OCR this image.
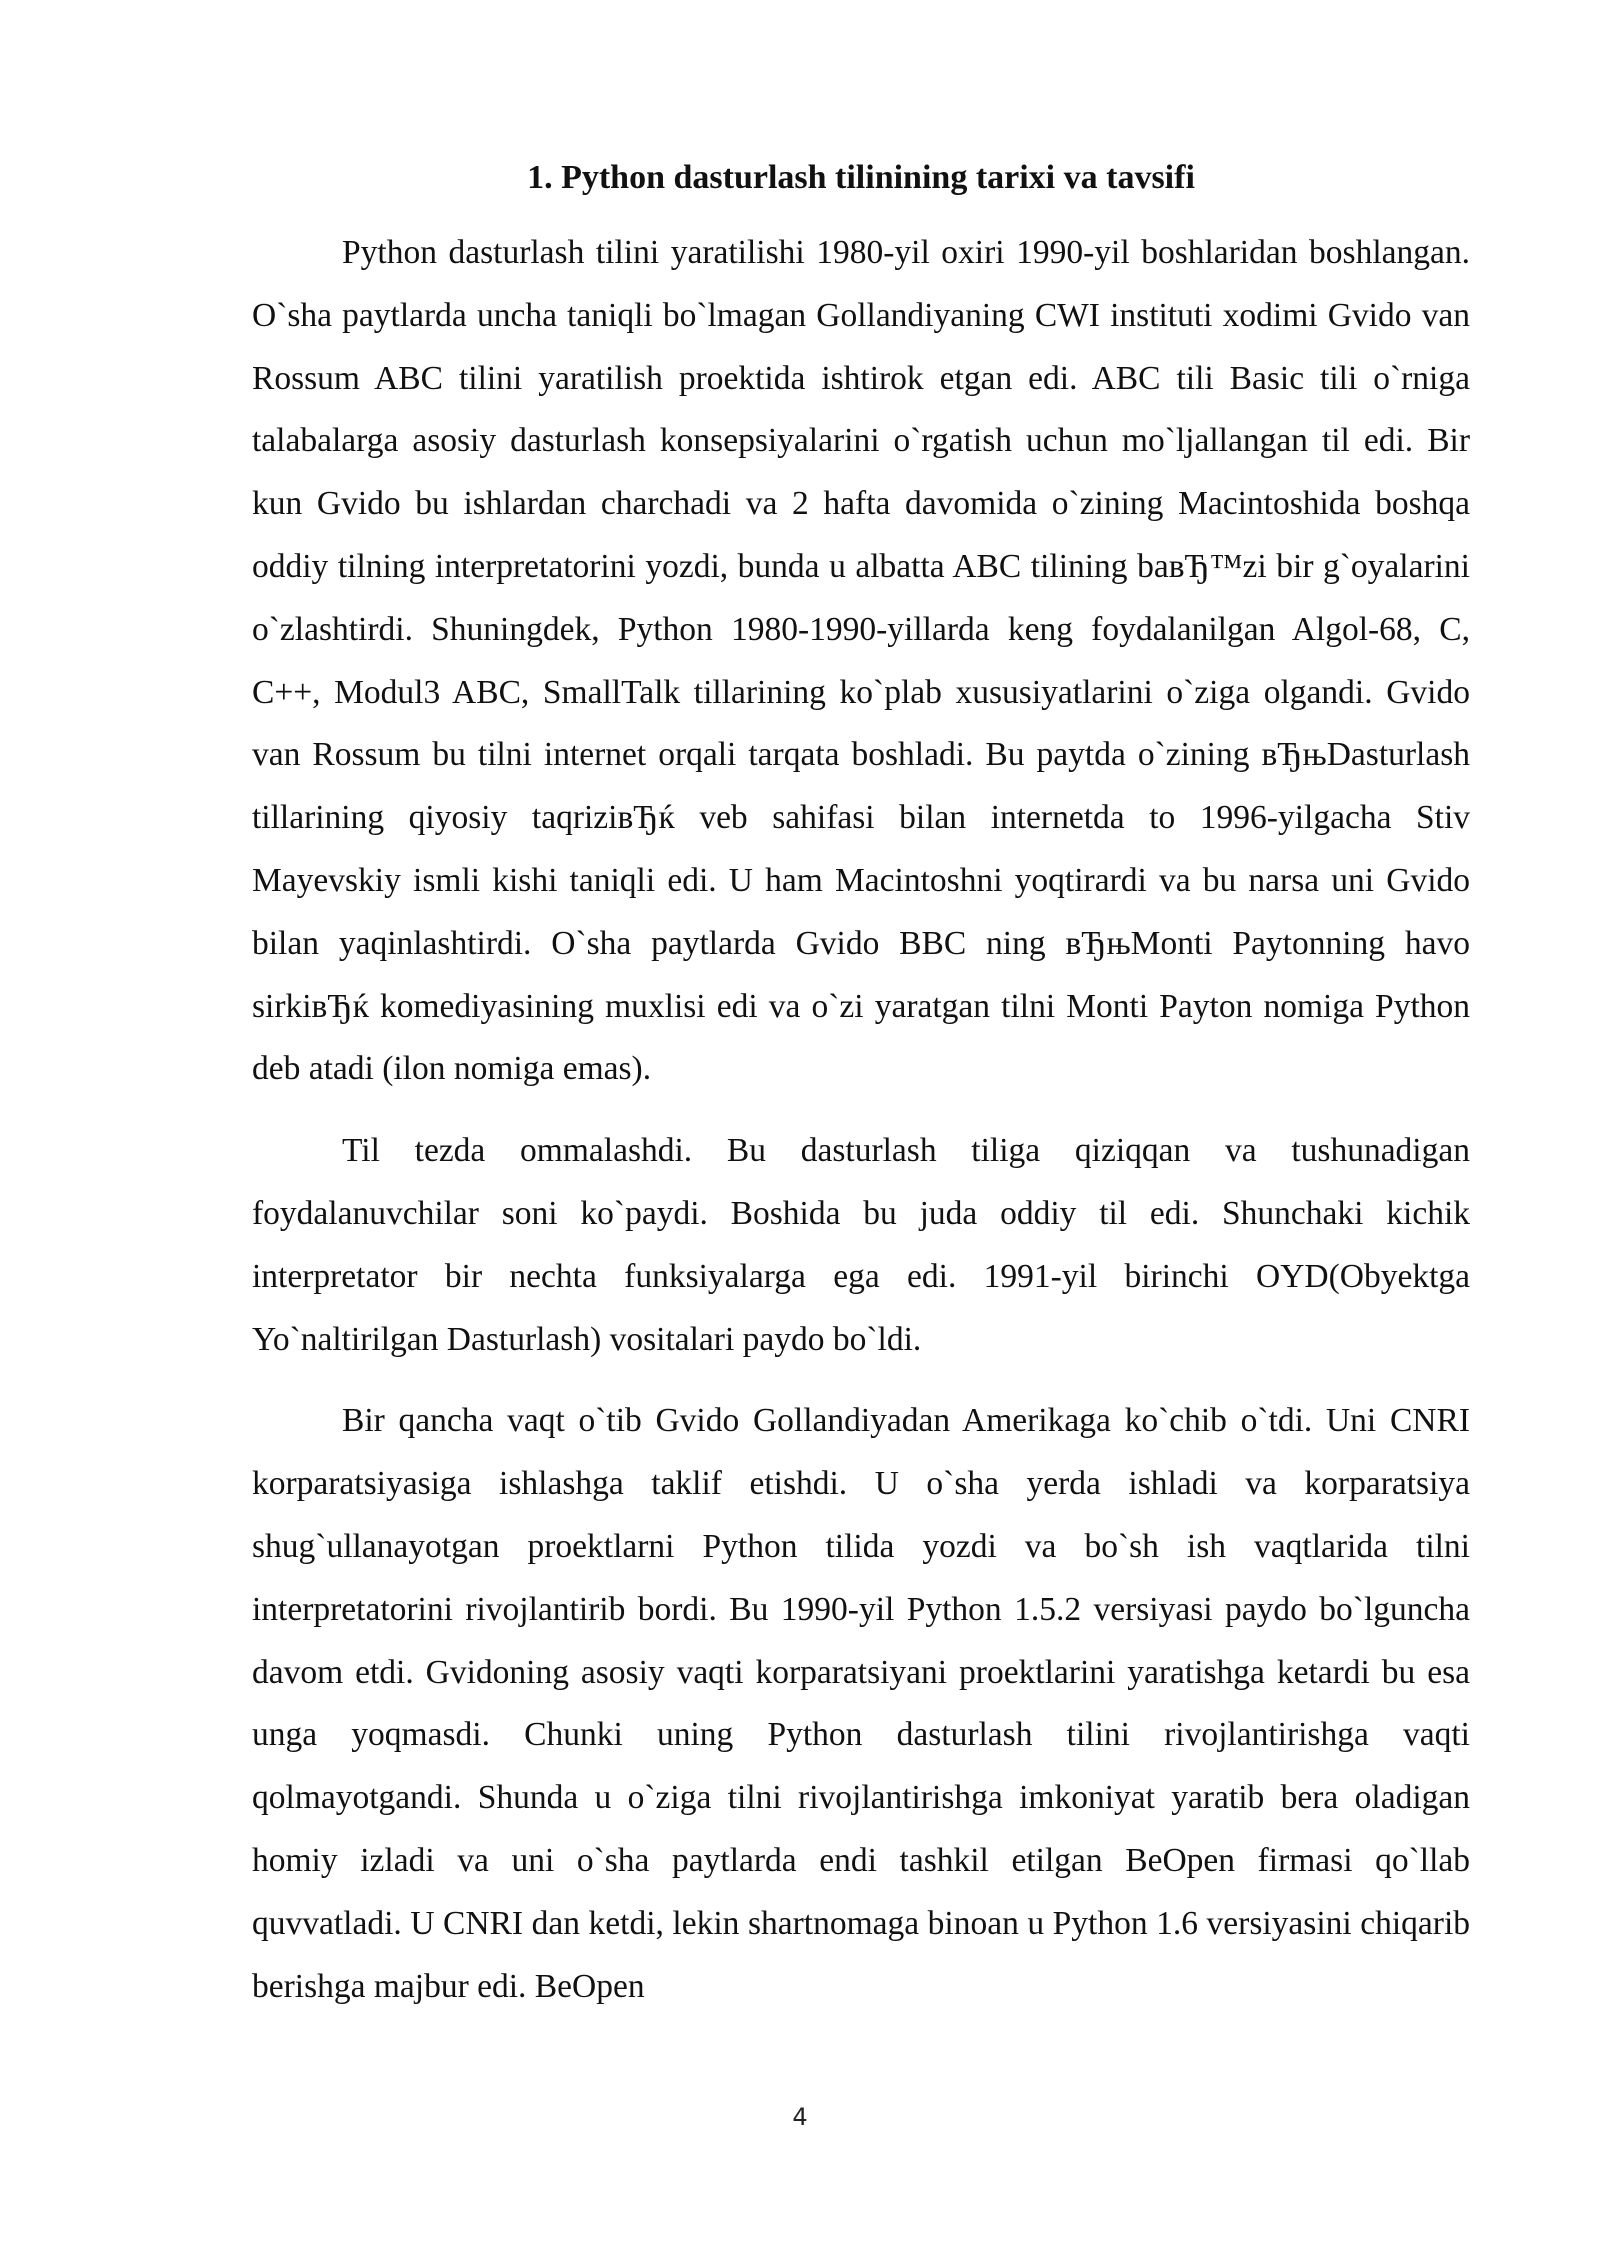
1. Python dasturlash tilinining tarixi va tavsifi

Python dasturlash tilini yaratilishi 1980-yil oxiri 1990-yil boshlaridan boshlangan. O`sha paytlarda uncha taniqli bo`lmagan Gollandiyaning CWI instituti xodimi Gvido van Rossum ABC tilini yaratilish proektida ishtirok etgan edi. ABC tili Basic tili o`rniga talabalarga asosiy dasturlash konsepsiyalarini o`rgatish uchun mo`ljallangan til edi. Bir kun Gvido bu ishlardan charchadi va 2 hafta davomida o`zining Macintoshida boshqa oddiy tilning interpretatorini yozdi, bunda u albatta ABC tilining baвЂ™zi bir g`oyalarini o`zlashtirdi. Shuningdek, Python 1980-1990-yillarda keng foydalanilgan Algol-68, C, C++, Modul3 ABC, SmallTalk tillarining ko`plab xususiyatlarini o`ziga olgandi. Gvido van Rossum bu tilni internet orqali tarqata boshladi. Bu paytda o`zining вЂњDasturlash tillarining qiyosiy taqriziвЂќ veb sahifasi bilan internetda to 1996-yilgacha Stiv Mayevskiy ismli kishi taniqli edi. U ham Macintoshni yoqtirardi va bu narsa uni Gvido bilan yaqinlashtirdi. O`sha paytlarda Gvido BBC ning вЂњMonti Paytonning havo sirkiвЂќ komediyasining muxlisi edi va o`zi yaratgan tilni Monti Payton nomiga Python deb atadi (ilon nomiga emas).

Til tezda ommalashdi. Bu dasturlash tiliga qiziqqan va tushunadigan foydalanuvchilar soni ko`paydi. Boshida bu juda oddiy til edi. Shunchaki kichik interpretator bir nechta funksiyalarga ega edi. 1991-yil birinchi OYD(Obyektga Yo`naltirilgan Dasturlash) vositalari paydo bo`ldi.

Bir qancha vaqt o`tib Gvido Gollandiyadan Amerikaga ko`chib o`tdi. Uni CNRI korparatsiyasiga ishlashga taklif etishdi. U o`sha yerda ishladi va korparatsiya shug`ullanayotgan proektlarni Python tilida yozdi va bo`sh ish vaqtlarida tilni interpretatorini rivojlantirib bordi. Bu 1990-yil Python 1.5.2 versiyasi paydo bo`lguncha davom etdi. Gvidoning asosiy vaqti korparatsiyani proektlarini yaratishga ketardi bu esa unga yoqmasdi. Chunki uning Python dasturlash tilini rivojlantirishga vaqti qolmayotgandi. Shunda u o`ziga tilni rivojlantirishga imkoniyat yaratib bera oladigan homiy izladi va uni o`sha paytlarda endi tashkil etilgan BeOpen firmasi qo`llab quvvatladi. U CNRI dan ketdi, lekin shartnomaga binoan u Python 1.6 versiyasini chiqarib berishga majbur edi. BeOpen

4
